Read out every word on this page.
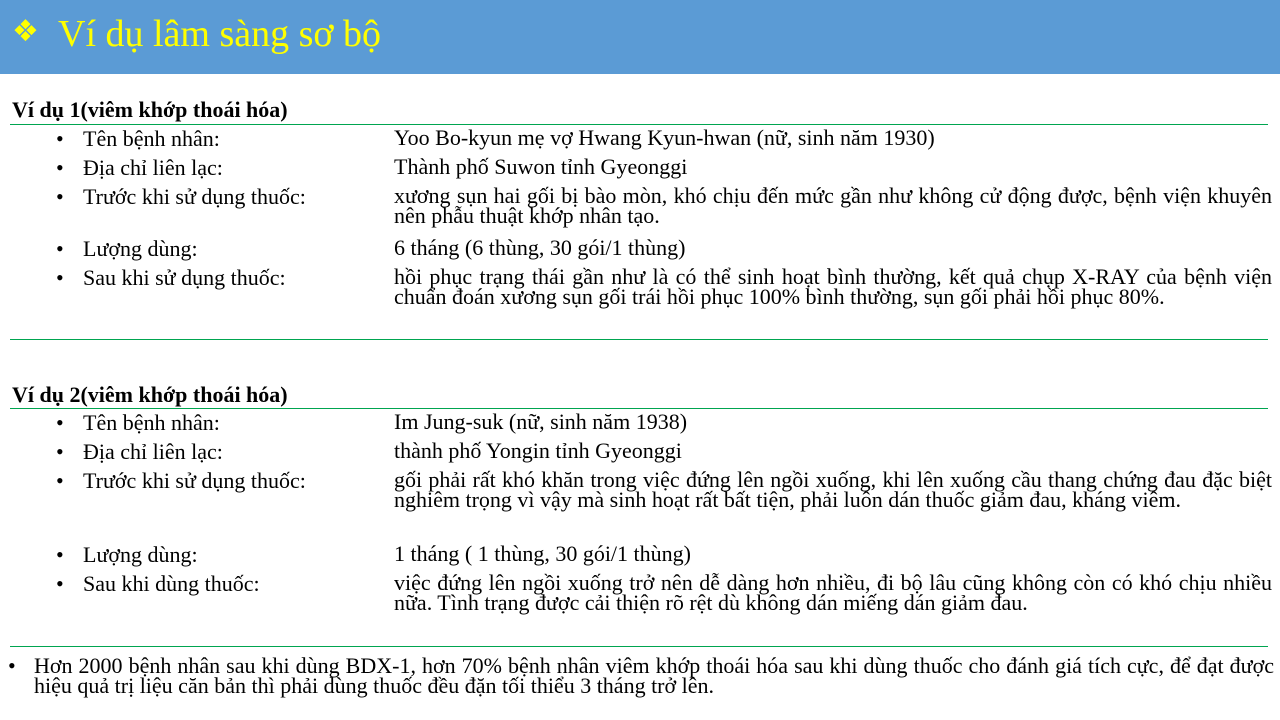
❖ Ví dụ lâm sàng sơ bộ
Ví dụ 1(viêm khớp thoái hóa)
• Tên bệnh nhân:	Yoo Bo-kyun mẹ vợ Hwang Kyun-hwan (nữ, sinh năm 1930)
• Địa chỉ liên lạc:	Thành phố Suwon tỉnh Gyeonggi
• Trước khi sử dụng thuốc:	xương sụn hai gối bị bào mòn, khó chịu đến mức gần như không cử động được, bệnh viện khuyên nên phẫu thuật khớp nhân tạo.
• Lượng dùng:	6 tháng (6 thùng, 30 gói/1 thùng)
• Sau khi sử dụng thuốc:	hồi phục trạng thái gần như là có thể sinh hoạt bình thường, kết quả chụp X-RAY của bệnh viện chuẩn đoán xương sụn gối trái hồi phục 100% bình thường, sụn gối phải hồi phục 80%.
Ví dụ 2(viêm khớp thoái hóa)
• Tên bệnh nhân:	Im Jung-suk (nữ, sinh năm 1938)
• Địa chỉ liên lạc:	thành phố Yongin tỉnh Gyeonggi
• Trước khi sử dụng thuốc:	gối phải rất khó khăn trong việc đứng lên ngồi xuống, khi lên xuống cầu thang chứng đau đặc biệt nghiêm trọng vì vậy mà sinh hoạt rất bất tiện, phải luôn dán thuốc giảm đau, kháng viêm.
• Lượng dùng:	1 tháng ( 1 thùng, 30 gói/1 thùng)
• Sau khi dùng thuốc:	việc đứng lên ngồi xuống trở nên dễ dàng hơn nhiều, đi bộ lâu cũng không còn có khó chịu nhiều nữa. Tình trạng được cải thiện rõ rệt dù không dán miếng dán giảm đau.
• Hơn 2000 bệnh nhân sau khi dùng BDX-1, hơn 70% bệnh nhân viêm khớp thoái hóa sau khi dùng thuốc cho đánh giá tích cực, để đạt được hiệu quả trị liệu căn bản thì phải dùng thuốc đều đặn tối thiểu 3 tháng trở lên.
